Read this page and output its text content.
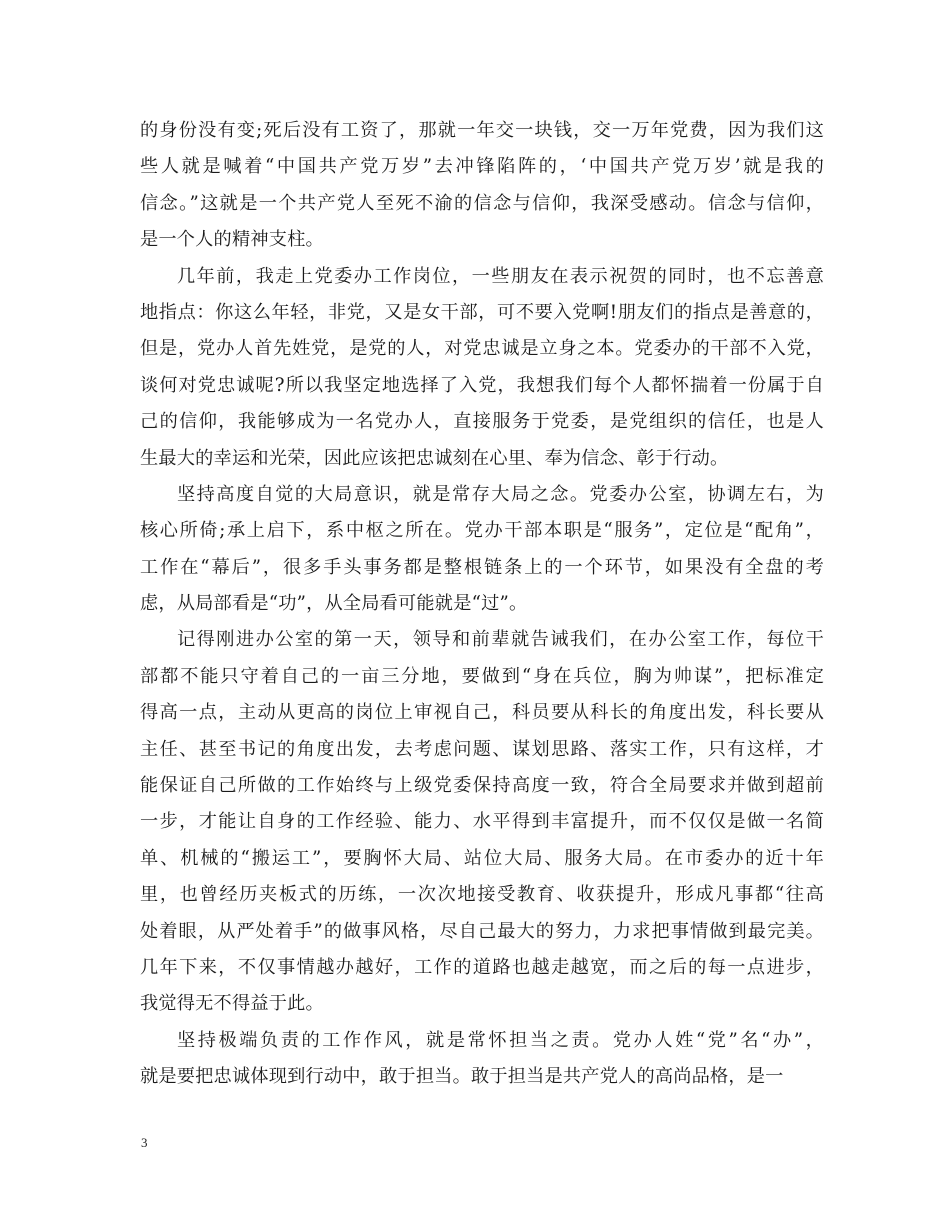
的身份没有变;死后没有工资了，那就一年交一块钱，交一万年党费，因为我们这
些人就是喊着“中国共产党万岁”去冲锋陷阵的，‘中国共产党万岁’就是我的
信念。”这就是一个共产党人至死不渝的信念与信仰，我深受感动。信念与信仰，
是一个人的精神支柱。
几年前，我走上党委办工作岗位，一些朋友在表示祝贺的同时，也不忘善意
地指点：你这么年轻，非党，又是女干部，可不要入党啊!朋友们的指点是善意的，
但是，党办人首先姓党，是党的人，对党忠诚是立身之本。党委办的干部不入党，
谈何对党忠诚呢?所以我坚定地选择了入党，我想我们每个人都怀揣着一份属于自
己的信仰，我能够成为一名党办人，直接服务于党委，是党组织的信任，也是人
生最大的幸运和光荣，因此应该把忠诚刻在心里、奉为信念、彰于行动。
坚持高度自觉的大局意识，就是常存大局之念。党委办公室，协调左右，为
核心所倚;承上启下，系中枢之所在。党办干部本职是“服务”，定位是“配角”，
工作在“幕后”，很多手头事务都是整根链条上的一个环节，如果没有全盘的考
虑，从局部看是“功”，从全局看可能就是“过”。
记得刚进办公室的第一天，领导和前辈就告诫我们，在办公室工作，每位干
部都不能只守着自己的一亩三分地，要做到“身在兵位，胸为帅谋”，把标准定
得高一点，主动从更高的岗位上审视自己，科员要从科长的角度出发，科长要从
主任、甚至书记的角度出发，去考虑问题、谋划思路、落实工作，只有这样，才
能保证自己所做的工作始终与上级党委保持高度一致，符合全局要求并做到超前
一步，才能让自身的工作经验、能力、水平得到丰富提升，而不仅仅是做一名简
单、机械的“搬运工”，要胸怀大局、站位大局、服务大局。在市委办的近十年
里，也曾经历夹板式的历练，一次次地接受教育、收获提升，形成凡事都“往高
处着眼，从严处着手”的做事风格，尽自己最大的努力，力求把事情做到最完美。
几年下来，不仅事情越办越好，工作的道路也越走越宽，而之后的每一点进步，
我觉得无不得益于此。
坚持极端负责的工作作风，就是常怀担当之责。党办人姓“党”名“办”，
就是要把忠诚体现到行动中，敢于担当。敢于担当是共产党人的高尚品格，是一
3
